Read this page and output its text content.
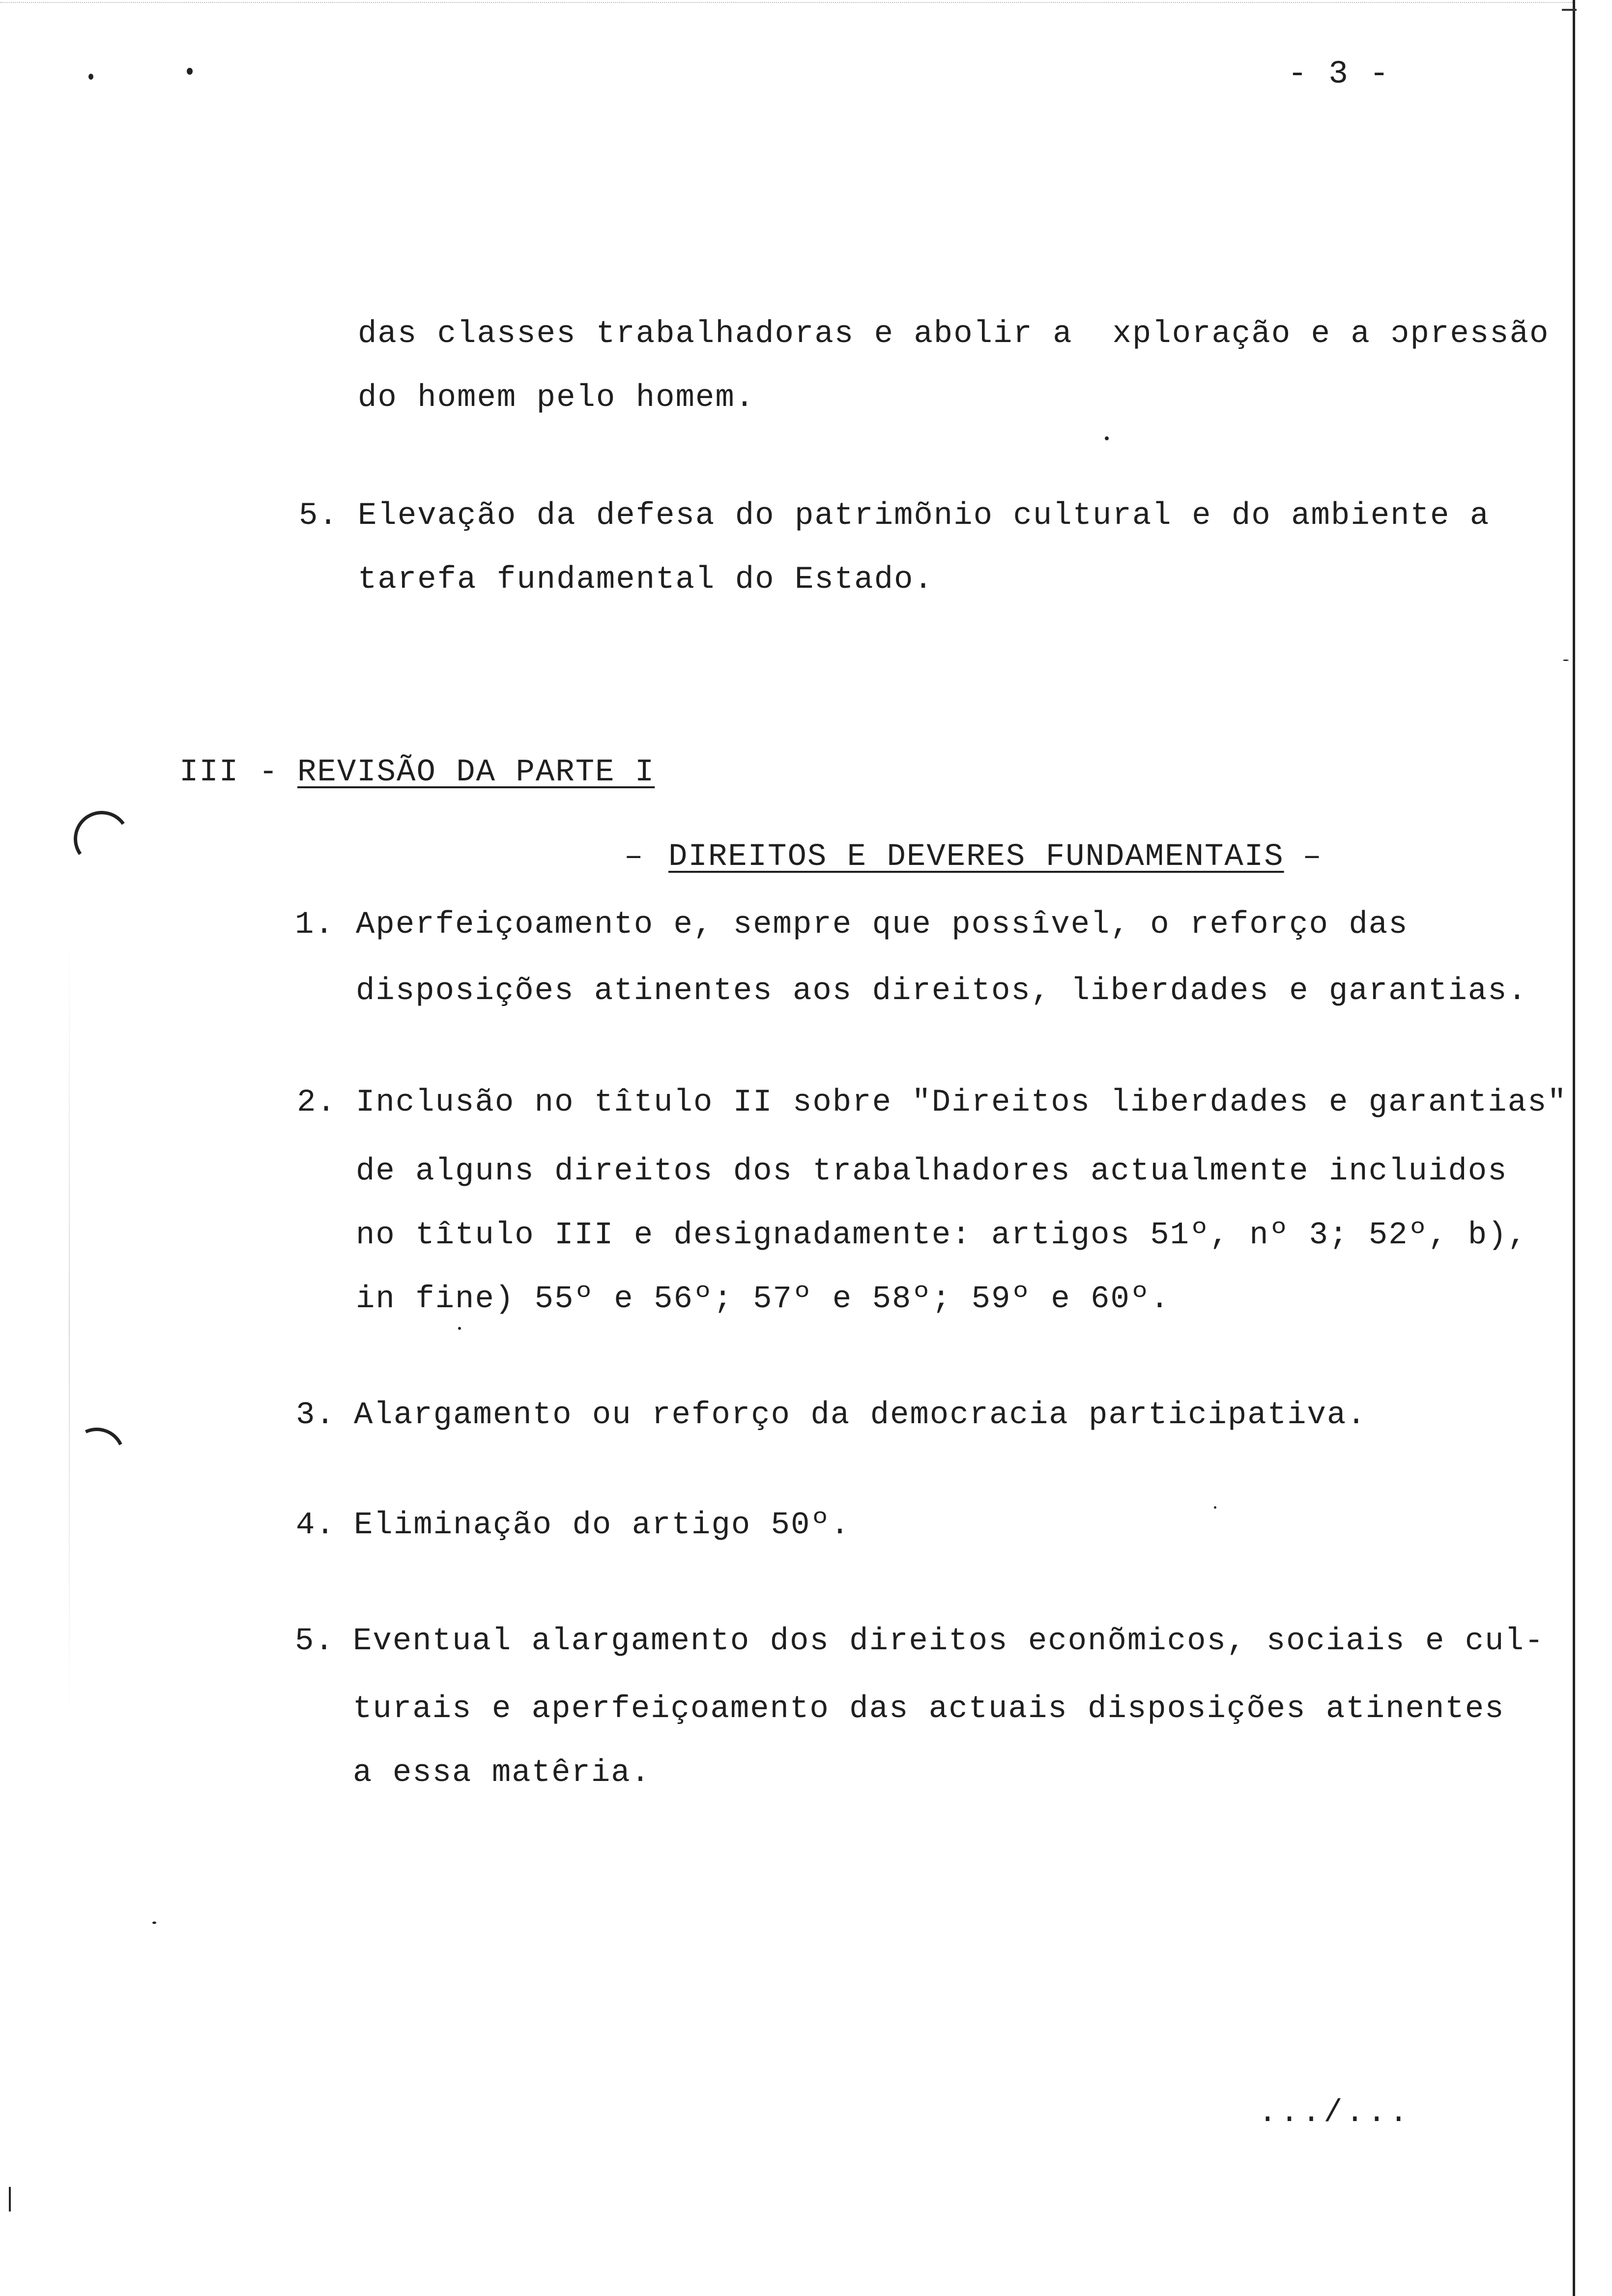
- 3 -
das classes trabalhadoras e abolir a  xploração e a ɔpressão
do homem pelo homem.
5. Elevação da defesa do patrimõnio cultural e do ambiente a
tarefa fundamental do Estado.
III - REVISÃO DA PARTE I
– DIREITOS E DEVERES FUNDAMENTAIS
–
1. Aperfeiçoamento e, sempre que possîvel, o reforço das
disposições atinentes aos direitos, liberdades e garantias.
2. Inclusão no tîtulo II sobre "Direitos liberdades e garantias"
de alguns direitos dos trabalhadores actualmente incluidos
no tîtulo III e designadamente: artigos 51º, nº 3; 52º, b),
in fine) 55º e 56º; 57º e 58º; 59º e 60º.
3. Alargamento ou reforço da democracia participativa.
4. Eliminação do artigo 50º.
5. Eventual alargamento dos direitos econõmicos, sociais e cul-
turais e aperfeiçoamento das actuais disposições atinentes
a essa matêria.
.../...
